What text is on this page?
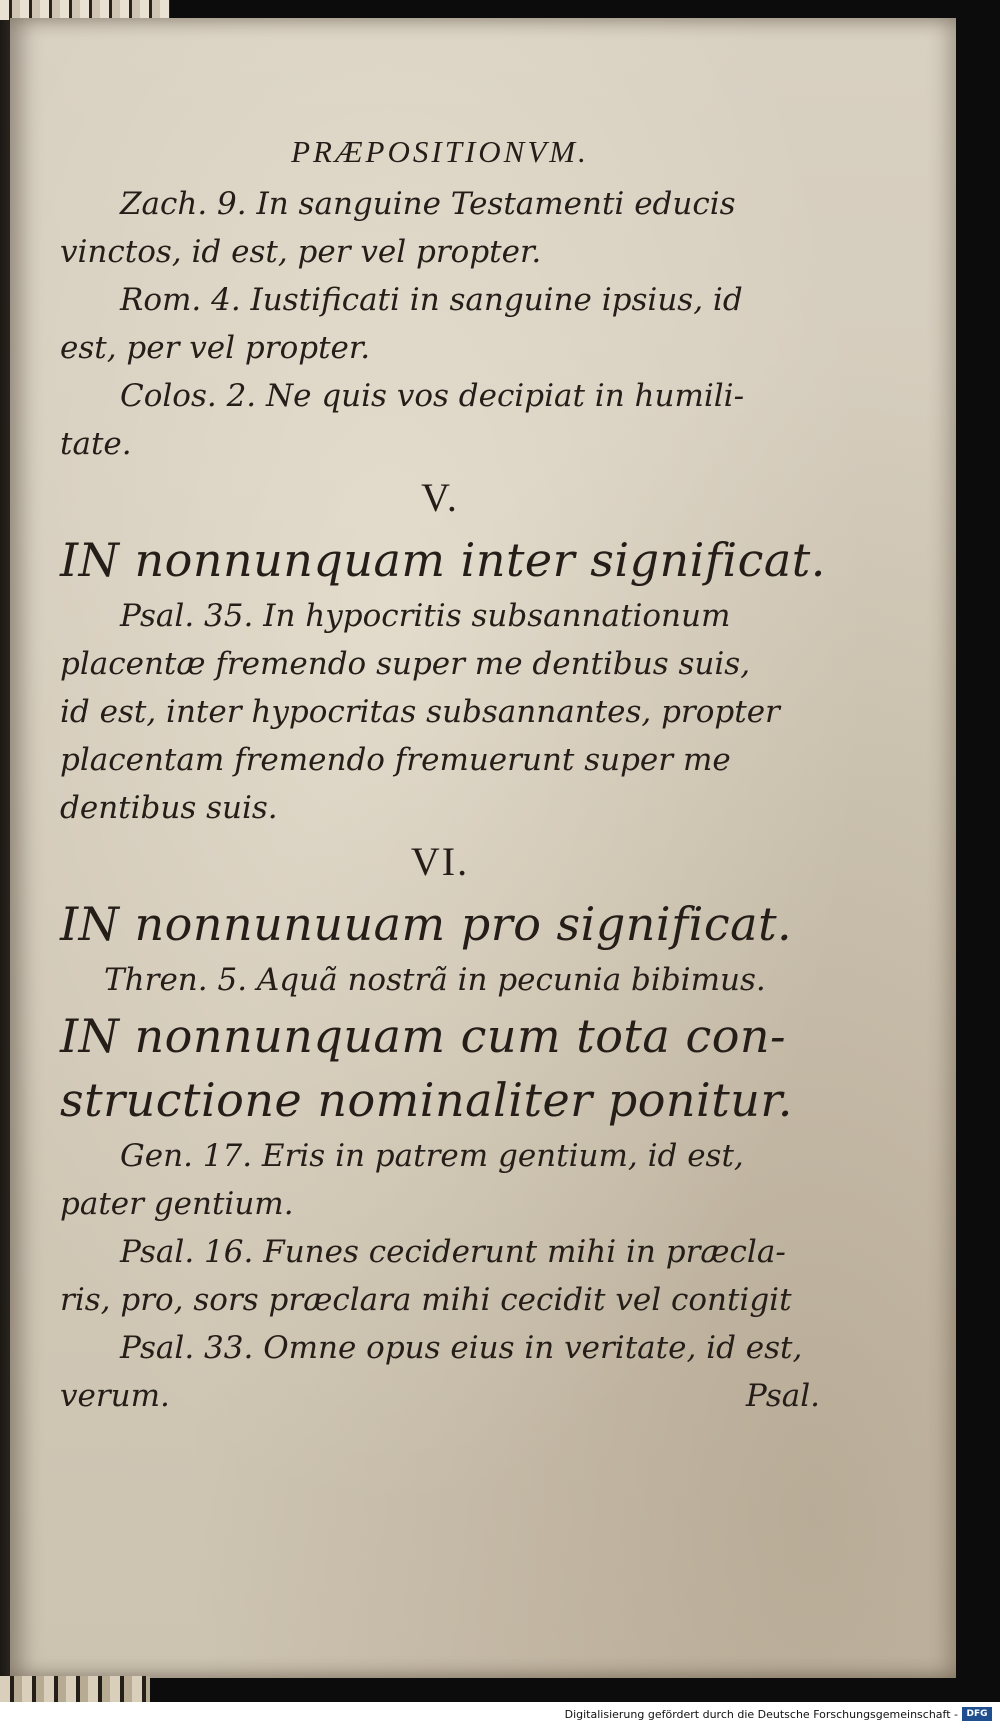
PRÆPOSITIONVM.
Zach. 9. In sanguine Testamenti educis
vinctos, id est, per vel propter.
Rom. 4. Iustificati in sanguine ipsius, id
est, per vel propter.
Colos. 2. Ne quis vos decipiat in humili-
tate.
V.
IN nonnunquam inter significat.
Psal. 35. In hypocritis subsannationum
placentæ fremendo super me dentibus suis,
id est, inter hypocritas subsannantes, propter
placentam fremendo fremuerunt super me
dentibus suis.
VI.
IN nonnunuuam pro significat.
Thren. 5. Aquã nostrã in pecunia bibimus.
IN nonnunquam cum tota con-
structione nominaliter ponitur.
Gen. 17. Eris in patrem gentium, id est,
pater gentium.
Psal. 16. Funes ceciderunt mihi in præcla-
ris, pro, sors præclara mihi cecidit vel contigit
Psal. 33. Omne opus eius in veritate, id est,
verum.	Psal.
Digitalisierung gefördert durch die Deutsche Forschungsgemeinschaft - DFG
